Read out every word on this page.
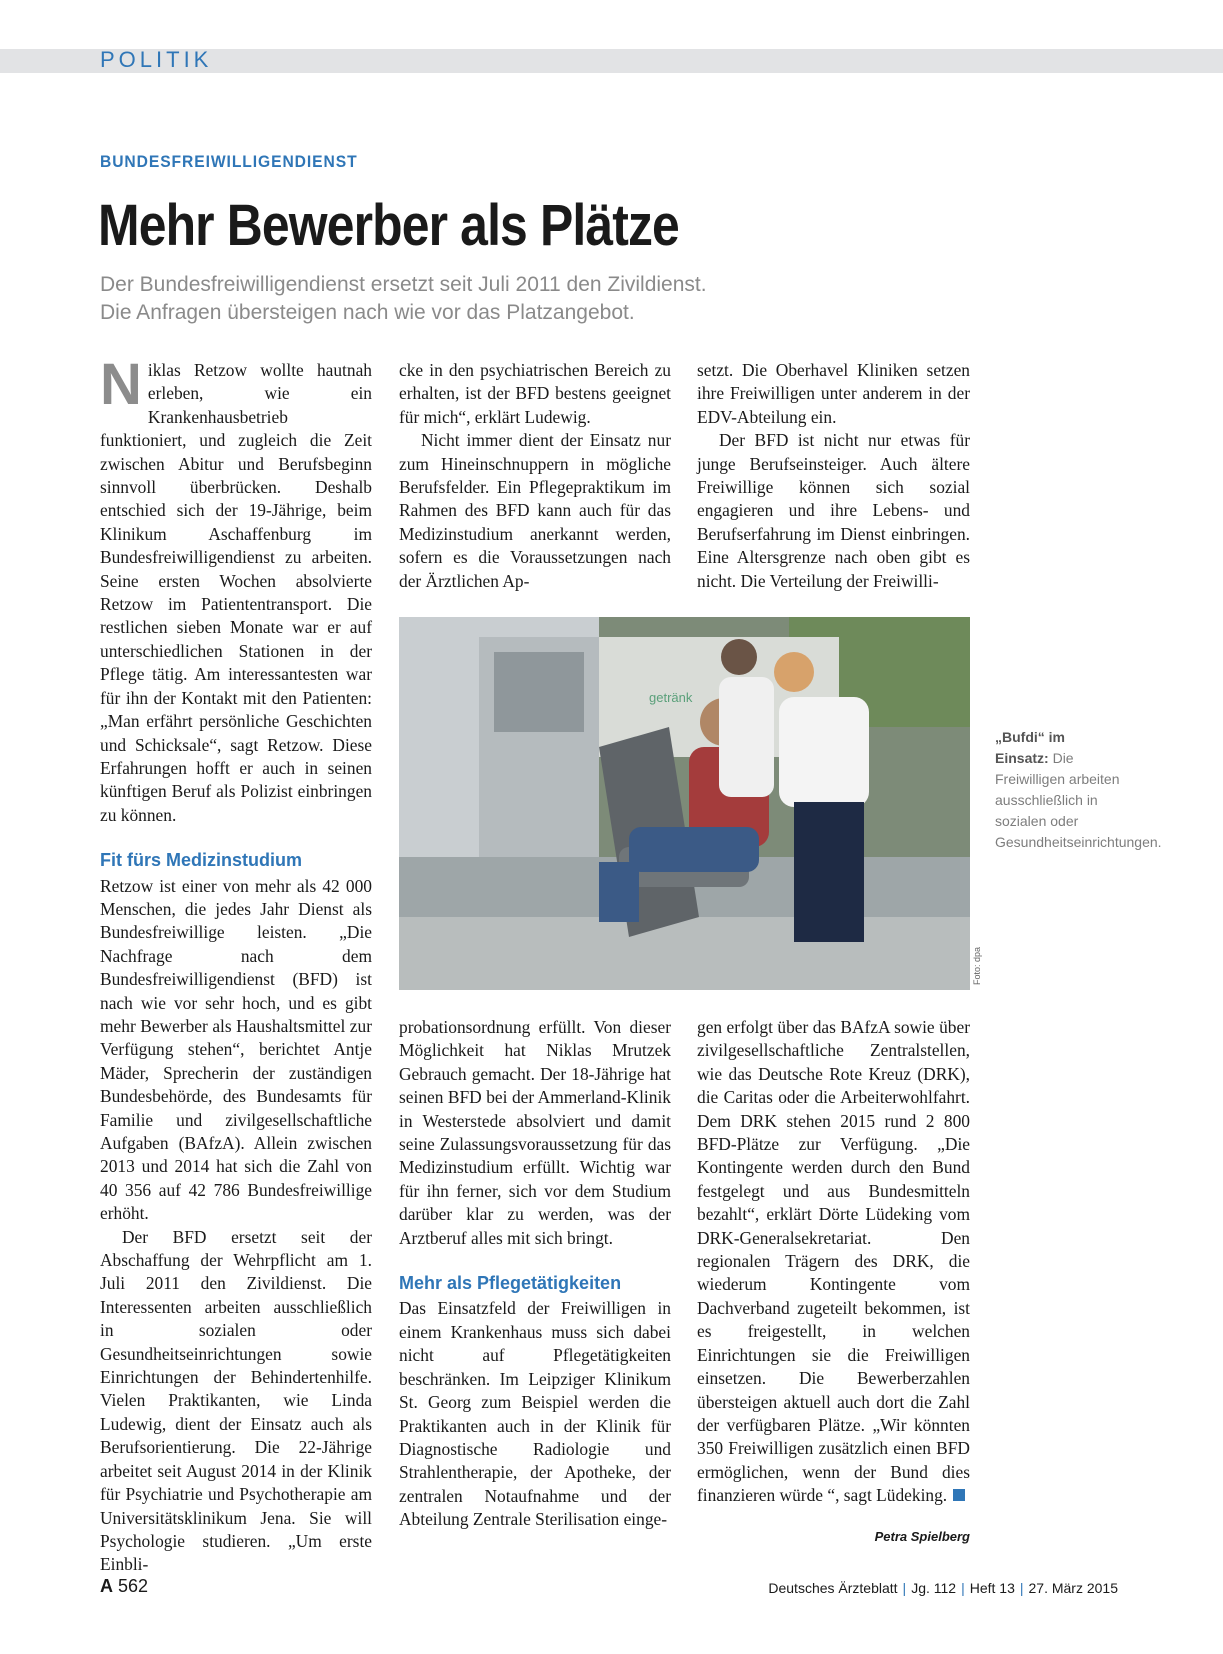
POLITIK
BUNDESFREIWILLIGENDIENST
Mehr Bewerber als Plätze
Der Bundesfreiwilligendienst ersetzt seit Juli 2011 den Zivildienst.
Die Anfragen übersteigen nach wie vor das Platzangebot.

Niklas Retzow wollte hautnah erleben, wie ein Krankenhausbetrieb funktioniert, und zugleich die Zeit zwischen Abitur und Berufsbeginn sinnvoll überbrücken. Deshalb entschied sich der 19-Jährige, beim Klinikum Aschaffenburg im Bundesfreiwilligendienst zu arbeiten. Seine ersten Wochen absolvierte Retzow im Patiententransport. Die restlichen sieben Monate war er auf unterschiedlichen Stationen in der Pflege tätig. Am interessantesten war für ihn der Kontakt mit den Patienten: „Man erfährt persönliche Geschichten und Schicksale“, sagt Retzow. Diese Erfahrungen hofft er auch in seinen künftigen Beruf als Polizist einbringen zu können.

Fit fürs Medizinstudium

Retzow ist einer von mehr als 42 000 Menschen, die jedes Jahr Dienst als Bundesfreiwillige leisten. „Die Nachfrage nach dem Bundesfreiwilligendienst (BFD) ist nach wie vor sehr hoch, und es gibt mehr Bewerber als Haushaltsmittel zur Verfügung stehen“, berichtet Antje Mäder, Sprecherin der zuständigen Bundesbehörde, des Bundesamts für Familie und zivilgesellschaftliche Aufgaben (BAfzA). Allein zwischen 2013 und 2014 hat sich die Zahl von 40 356 auf 42 786 Bundesfreiwillige erhöht.

Der BFD ersetzt seit der Abschaffung der Wehrpflicht am 1. Juli 2011 den Zivildienst. Die Interessenten arbeiten ausschließlich in sozialen oder Gesundheitseinrichtungen sowie Einrichtungen der Behindertenhilfe. Vielen Praktikanten, wie Linda Ludewig, dient der Einsatz auch als Berufsorientierung. Die 22-Jährige arbeitet seit August 2014 in der Klinik für Psychiatrie und Psychotherapie am Universitätsklinikum Jena. Sie will Psychologie studieren. „Um erste Einbli-

cke in den psychiatrischen Bereich zu erhalten, ist der BFD bestens geeignet für mich“, erklärt Ludewig.

Nicht immer dient der Einsatz nur zum Hineinschnuppern in mögliche Berufsfelder. Ein Pflegepraktikum im Rahmen des BFD kann auch für das Medizinstudium anerkannt werden, sofern es die Voraussetzungen nach der Ärztlichen Ap-

setzt. Die Oberhavel Kliniken setzen ihre Freiwilligen unter anderem in der EDV-Abteilung ein.

Der BFD ist nicht nur etwas für junge Berufseinsteiger. Auch ältere Freiwillige können sich sozial engagieren und ihre Lebens- und Berufserfahrung im Dienst einbringen. Eine Altersgrenze nach oben gibt es nicht. Die Verteilung der Freiwilli-

getränk
Foto: dpa
„Bufdi“ im Einsatz: Die Freiwilligen arbeiten ausschließlich in sozialen oder Gesundheitseinrichtungen.

probationsordnung erfüllt. Von dieser Möglichkeit hat Niklas Mrutzek Gebrauch gemacht. Der 18-Jährige hat seinen BFD bei der Ammerland-Klinik in Westerstede absolviert und damit seine Zulassungsvoraussetzung für das Medizinstudium erfüllt. Wichtig war für ihn ferner, sich vor dem Studium darüber klar zu werden, was der Arztberuf alles mit sich bringt.

Mehr als Pflegetätigkeiten

Das Einsatzfeld der Freiwilligen in einem Krankenhaus muss sich dabei nicht auf Pflegetätigkeiten beschränken. Im Leipziger Klinikum St. Georg zum Beispiel werden die Praktikanten auch in der Klinik für Diagnostische Radiologie und Strahlentherapie, der Apotheke, der zentralen Notaufnahme und der Abteilung Zentrale Sterilisation einge-

gen erfolgt über das BAfzA sowie über zivilgesellschaftliche Zentralstellen, wie das Deutsche Rote Kreuz (DRK), die Caritas oder die Arbeiterwohlfahrt. Dem DRK stehen 2015 rund 2 800 BFD-Plätze zur Verfügung. „Die Kontingente werden durch den Bund festgelegt und aus Bundesmitteln bezahlt“, erklärt Dörte Lüdeking vom DRK-Generalsekretariat. Den regionalen Trägern des DRK, die wiederum Kontingente vom Dachverband zugeteilt bekommen, ist es freigestellt, in welchen Einrichtungen sie die Freiwilligen einsetzen. Die Bewerberzahlen übersteigen aktuell auch dort die Zahl der verfügbaren Plätze. „Wir könnten 350 Freiwilligen zusätzlich einen BFD ermöglichen, wenn der Bund dies finanzieren würde “, sagt Lüdeking.

Petra Spielberg
A 562	Deutsches Ärzteblatt | Jg. 112 | Heft 13 | 27. März 2015
